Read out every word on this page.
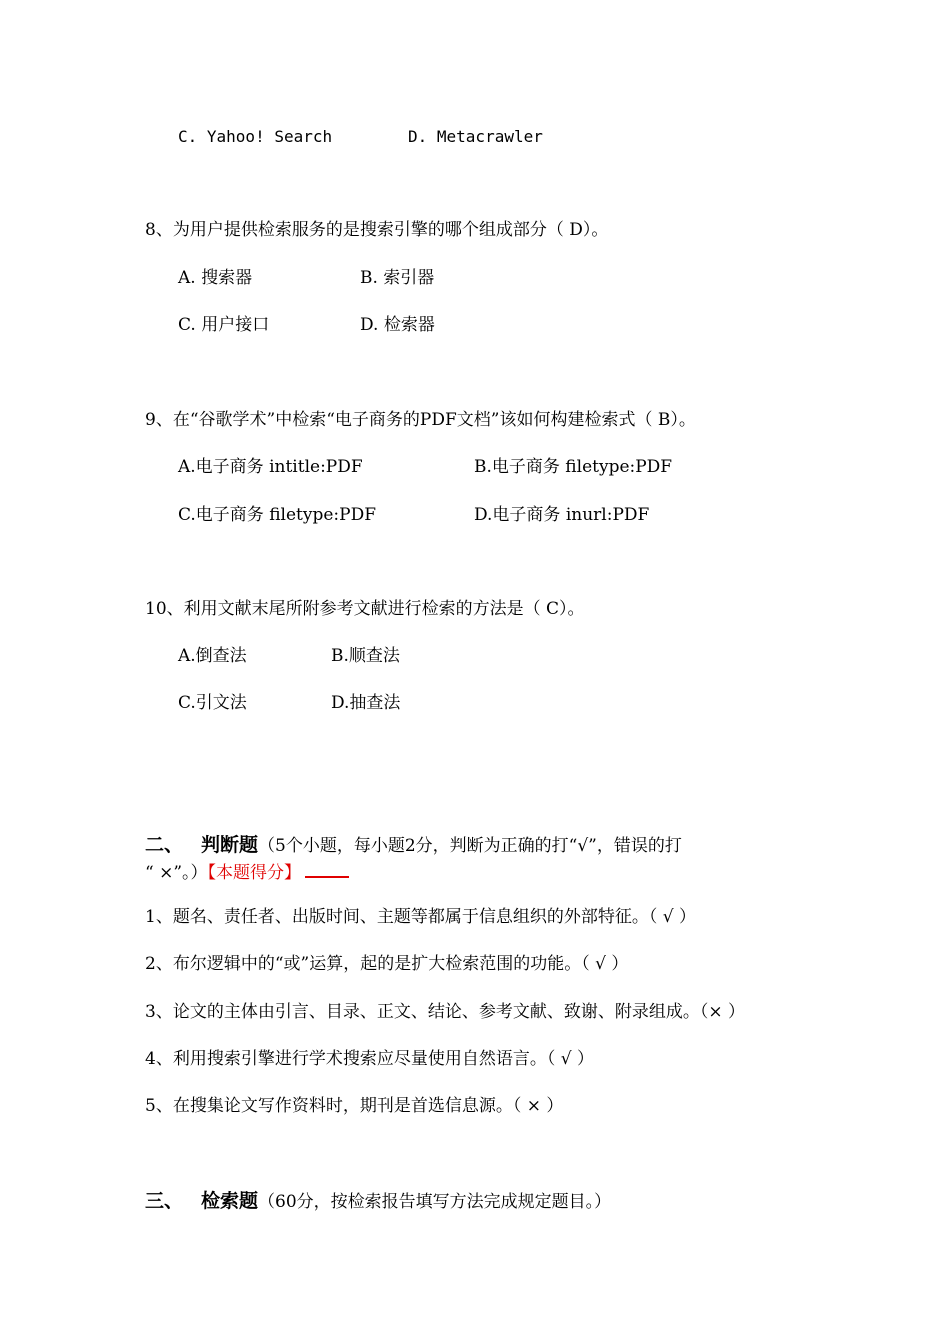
C. Yahoo! Search	D. Metacrawler
8、为用户提供检索服务的是搜索引擎的哪个组成部分（ D）。
A. 搜索器	B. 索引器
C. 用户接口	D. 检索器
9、在“谷歌学术”中检索“电子商务的PDF文档”该如何构建检索式（ B）。
A.电子商务 intitle:PDF	B.电子商务 filetype:PDF
C.电子商务 filetype:PDF	D.电子商务 inurl:PDF
10、利用文献末尾所附参考文献进行检索的方法是（ C）。
A.倒查法	B.顺查法
C.引文法	D.抽查法
二、 判断题（5个小题，每小题2分，判断为正确的打“√”，错误的打
“ ×”。）【本题得分】
1、题名、责任者、出版时间、主题等都属于信息组织的外部特征。（ √ ）
2、布尔逻辑中的“或”运算，起的是扩大检索范围的功能。（ √ ）
3、论文的主体由引言、目录、正文、结论、参考文献、致谢、附录组成。（× ）
4、利用搜索引擎进行学术搜索应尽量使用自然语言。（ √ ）
5、在搜集论文写作资料时，期刊是首选信息源。（ × ）
三、 检索题（60分，按检索报告填写方法完成规定题目。）
